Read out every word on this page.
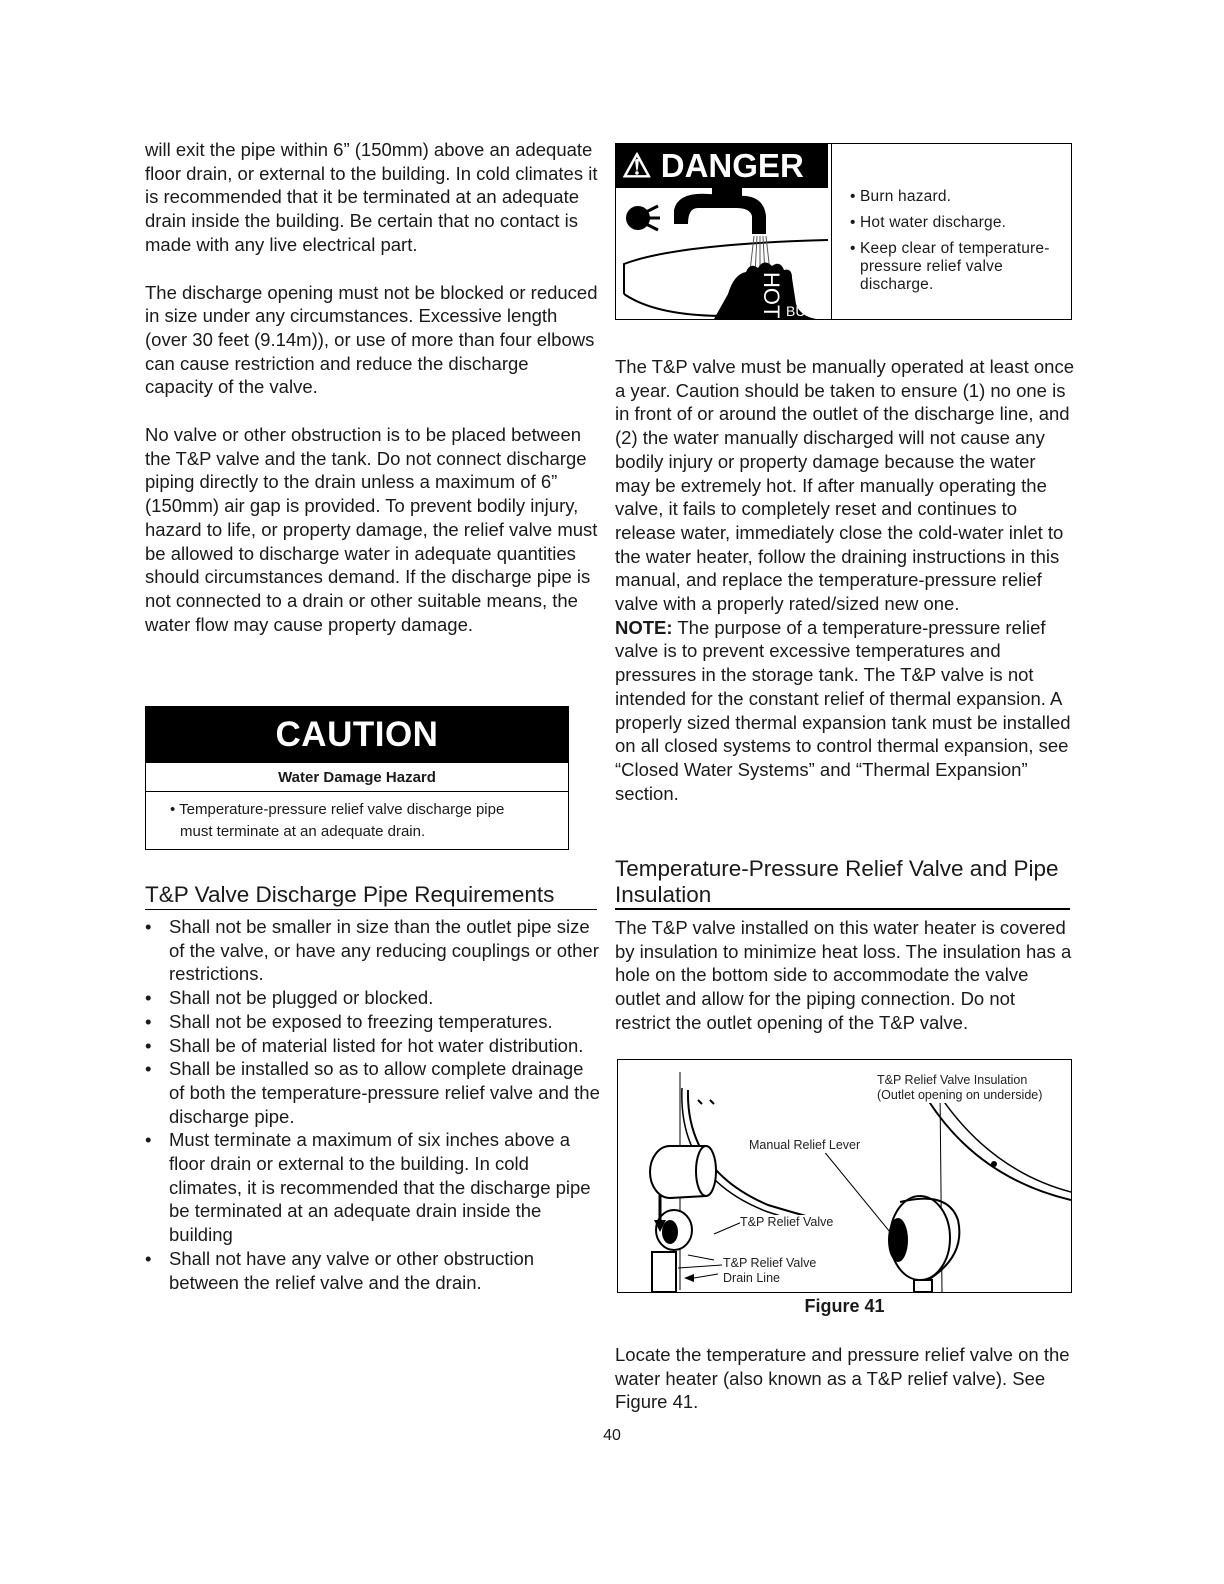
will exit the pipe within 6” (150mm) above an adequate floor drain, or external to the building. In cold climates it is recommended that it be terminated at an adequate drain inside the building. Be certain that no contact is made with any live electrical part.

The discharge opening must not be blocked or reduced in size under any circumstances. Excessive length (over 30 feet (9.14m)), or use of more than four elbows can cause restriction and reduce the discharge capacity of the valve.

No valve or other obstruction is to be placed between the T&P valve and the tank. Do not connect discharge piping directly to the drain unless a maximum of 6” (150mm) air gap is provided. To prevent bodily injury, hazard to life, or property damage, the relief valve must be allowed to discharge water in adequate quantities should circumstances demand. If the discharge pipe is not connected to a drain or other suitable means, the water flow may cause property damage.

CAUTION
Water Damage Hazard
• Temperature-pressure relief valve discharge pipe
must terminate at an adequate drain.
T&P Valve Discharge Pipe Requirements
• Shall not be smaller in size than the outlet pipe size of the valve, or have any reducing couplings or other restrictions.
• Shall not be plugged or blocked.
• Shall not be exposed to freezing temperatures.
• Shall be of material listed for hot water distribution.
• Shall be installed so as to allow complete drainage of both the temperature-pressure relief valve and the discharge pipe.
• Must terminate a maximum of six inches above a floor drain or external to the building. In cold climates, it is recommended that the discharge pipe be terminated at an adequate drain inside the building
• Shall not have any valve or other obstruction between the relief valve and the drain.
HOT BURN
⚠ DANGER
• Burn hazard.
• Hot water discharge.
• Keep clear of temperature-pressure relief valve discharge.

The T&P valve must be manually operated at least once a year. Caution should be taken to ensure (1) no one is in front of or around the outlet of the discharge line, and (2) the water manually discharged will not cause any bodily injury or property damage because the water may be extremely hot. If after manually operating the valve, it fails to completely reset and continues to release water, immediately close the cold-water inlet to the water heater, follow the draining instructions in this manual, and replace the temperature-pressure relief valve with a properly rated/sized new one.

NOTE: The purpose of a temperature-pressure relief valve is to prevent excessive temperatures and pressures in the storage tank. The T&P valve is not intended for the constant relief of thermal expansion. A properly sized thermal expansion tank must be installed on all closed systems to control thermal expansion, see “Closed Water Systems” and “Thermal Expansion” section.

Temperature-Pressure Relief Valve and Pipe Insulation

The T&P valve installed on this water heater is covered by insulation to minimize heat loss. The insulation has a hole on the bottom side to accommodate the valve outlet and allow for the piping connection. Do not restrict the outlet opening of the T&P valve.

T&P Relief Valve Insulation
(Outlet opening on underside)
Manual Relief Lever
T&P Relief Valve
T&P Relief Valve
Drain Line
Figure 41

Locate the temperature and pressure relief valve on the water heater (also known as a T&P relief valve). See Figure 41.

40
